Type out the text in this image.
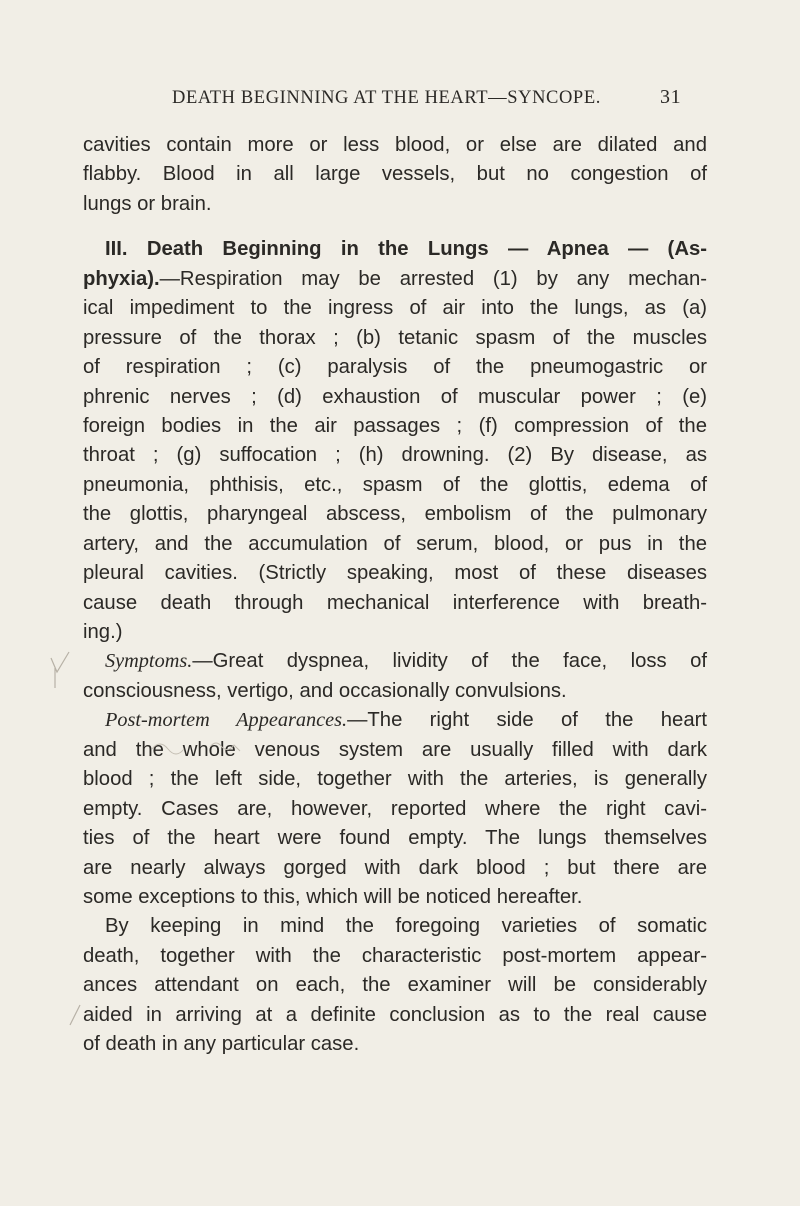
DEATH BEGINNING AT THE HEART—SYNCOPE.	31
cavities contain more or less blood, or else are dilated and
flabby. Blood in all large vessels, but no congestion of
lungs or brain.
III. Death Beginning in the Lungs — Apnea — (As-
phyxia).—Respiration may be arrested (1) by any mechan-
ical impediment to the ingress of air into the lungs, as (a)
pressure of the thorax ; (b) tetanic spasm of the muscles
of respiration ; (c) paralysis of the pneumogastric or
phrenic nerves ; (d) exhaustion of muscular power ; (e)
foreign bodies in the air passages ; (f) compression of the
throat ; (g) suffocation ; (h) drowning. (2) By disease, as
pneumonia, phthisis, etc., spasm of the glottis, edema of
the glottis, pharyngeal abscess, embolism of the pulmonary
artery, and the accumulation of serum, blood, or pus in the
pleural cavities. (Strictly speaking, most of these diseases
cause death through mechanical interference with breath-
ing.)
Symptoms.—Great dyspnea, lividity of the face, loss of
consciousness, vertigo, and occasionally convulsions.
Post-mortem Appearances.—The right side of the heart
and the whole venous system are usually filled with dark
blood ; the left side, together with the arteries, is generally
empty. Cases are, however, reported where the right cavi-
ties of the heart were found empty. The lungs themselves
are nearly always gorged with dark blood ; but there are
some exceptions to this, which will be noticed hereafter.
By keeping in mind the foregoing varieties of somatic
death, together with the characteristic post-mortem appear-
ances attendant on each, the examiner will be considerably
aided in arriving at a definite conclusion as to the real cause
of death in any particular case.
